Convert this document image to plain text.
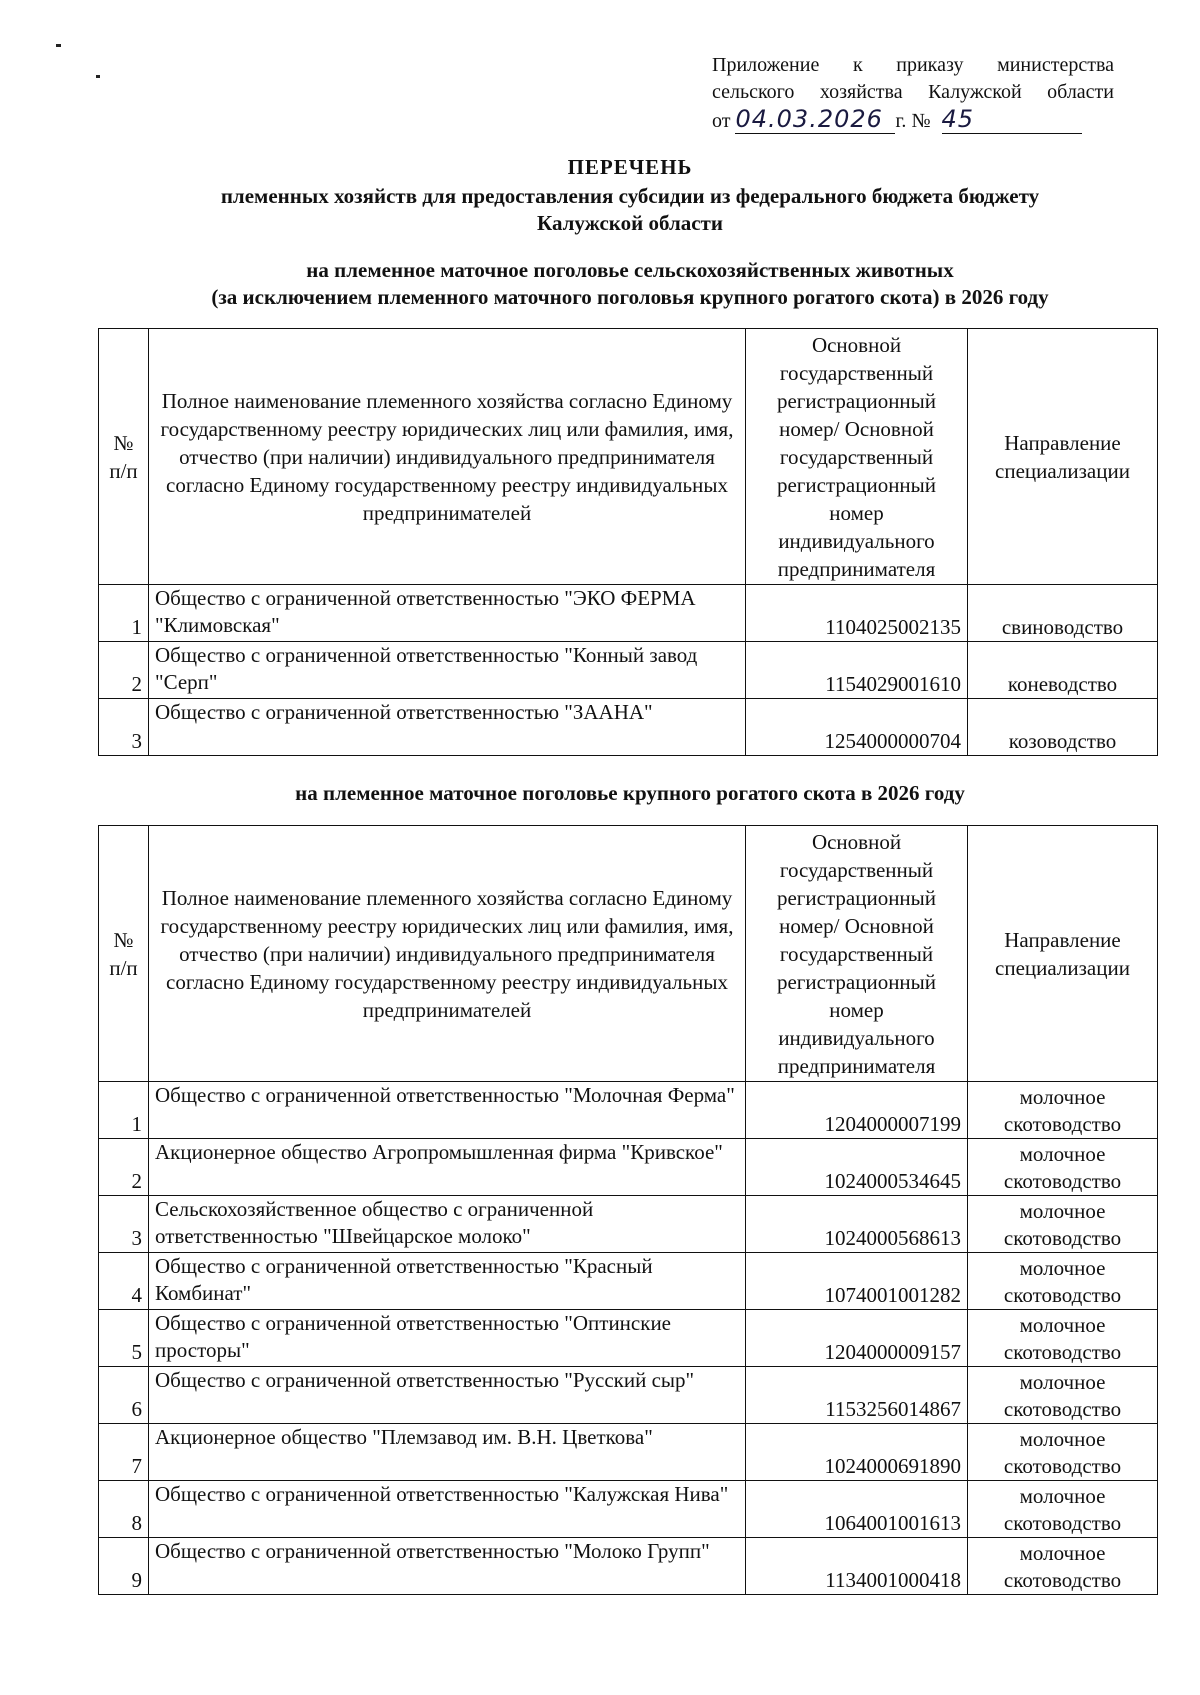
Приложение к приказу министерства
сельского хозяйства Калужской области
от 04.03.2026 г. № 45
ПЕРЕЧЕНЬ
племенных хозяйств для предоставления субсидии из федерального бюджета бюджету
Калужской области
на племенное маточное поголовье сельскохозяйственных животных
(за исключением племенного маточного поголовья крупного рогатого скота) в 2026 году
№ п/п	Полное наименование племенного хозяйства согласно Единому государственному реестру юридических лиц или фамилия, имя, отчество (при наличии) индивидуального предпринимателя согласно Единому государственному реестру индивидуальных предпринимателей	Основной государственный регистрационный номер/ Основной государственный регистрационный номер индивидуального предпринимателя	Направление специализации
1	Общество с ограниченной ответственностью "ЭКО ФЕРМА "Климовская"	1104025002135	свиноводство
2	Общество с ограниченной ответственностью "Конный завод "Серп"	1154029001610	коневодство
3	Общество с ограниченной ответственностью "ЗААНА"	1254000000704	козоводство
на племенное маточное поголовье крупного рогатого скота в 2026 году
№ п/п	Полное наименование племенного хозяйства согласно Единому государственному реестру юридических лиц или фамилия, имя, отчество (при наличии) индивидуального предпринимателя согласно Единому государственному реестру индивидуальных предпринимателей	Основной государственный регистрационный номер/ Основной государственный регистрационный номер индивидуального предпринимателя	Направление специализации
1	Общество с ограниченной ответственностью "Молочная Ферма"	1204000007199	молочное скотоводство
2	Акционерное общество Агропромышленная фирма "Кривское"	1024000534645	молочное скотоводство
3	Сельскохозяйственное общество с ограниченной ответственностью "Швейцарское молоко"	1024000568613	молочное скотоводство
4	Общество с ограниченной ответственностью "Красный Комбинат"	1074001001282	молочное скотоводство
5	Общество с ограниченной ответственностью "Оптинские просторы"	1204000009157	молочное скотоводство
6	Общество с ограниченной ответственностью "Русский сыр"	1153256014867	молочное скотоводство
7	Акционерное общество "Племзавод им. В.Н. Цветкова"	1024000691890	молочное скотоводство
8	Общество с ограниченной ответственностью "Калужская Нива"	1064001001613	молочное скотоводство
9	Общество с ограниченной ответственностью "Молоко Групп"	1134001000418	молочное скотоводство
